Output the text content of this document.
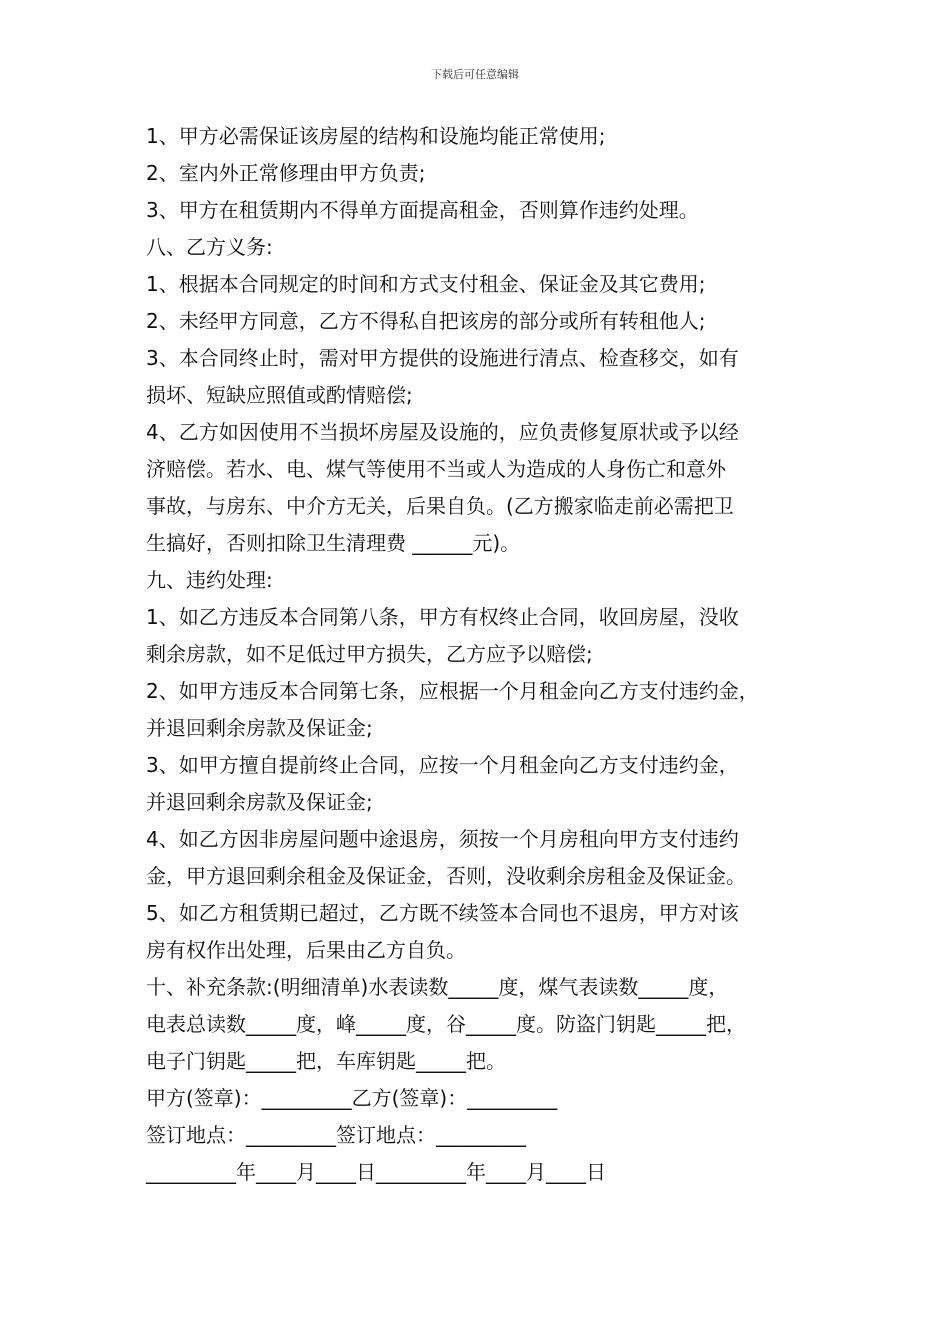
下载后可任意编辑

1、甲方必需保证该房屋的结构和设施均能正常使用;

2、室内外正常修理由甲方负责;

3、甲方在租赁期内不得单方面提高租金，否则算作违约处理。

八、乙方义务:

1、根据本合同规定的时间和方式支付租金、保证金及其它费用;

2、未经甲方同意，乙方不得私自把该房的部分或所有转租他人;

3、本合同终止时，需对甲方提供的设施进行清点、检查移交，如有

损坏、短缺应照值或酌情赔偿;

4、乙方如因使用不当损坏房屋及设施的，应负责修复原状或予以经

济赔偿。若水、电、煤气等使用不当或人为造成的人身伤亡和意外

事故，与房东、中介方无关，后果自负。(乙方搬家临走前必需把卫

生搞好，否则扣除卫生清理费 ______元)。

九、违约处理:

1、如乙方违反本合同第八条，甲方有权终止合同，收回房屋，没收

剩余房款，如不足低过甲方损失，乙方应予以赔偿;

2、如甲方违反本合同第七条，应根据一个月租金向乙方支付违约金，

并退回剩余房款及保证金;

3、如甲方擅自提前终止合同，应按一个月租金向乙方支付违约金，

并退回剩余房款及保证金;

4、如乙方因非房屋问题中途退房，须按一个月房租向甲方支付违约

金，甲方退回剩余租金及保证金，否则，没收剩余房租金及保证金。

5、如乙方租赁期已超过，乙方既不续签本合同也不退房，甲方对该

房有权作出处理，后果由乙方自负。

十、补充条款:(明细清单)水表读数_____度，煤气表读数_____度，

电表总读数_____度，峰_____度，谷_____度。防盗门钥匙_____把，

电子门钥匙_____把，车库钥匙_____把。

甲方(签章)：_________乙方(签章)：_________

签订地点：_________签订地点：_________

_________年____月____日_________年____月____日
